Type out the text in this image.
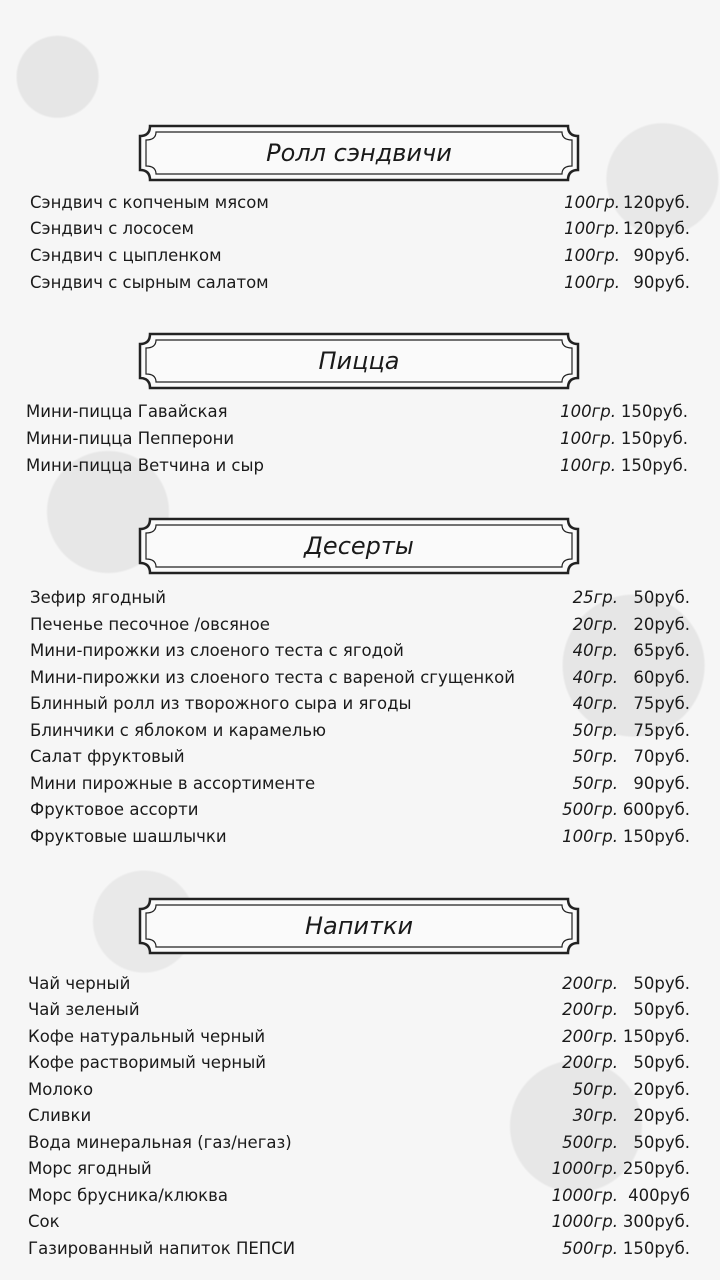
Ролл сэндвичи
Сэндвич с копченым мясом	100гр. 120руб.
Сэндвич с лососем	100гр. 120руб.
Сэндвич с цыпленком	100гр. 90руб.
Сэндвич с сырным салатом	100гр. 90руб.
Пицца
Мини-пицца Гавайская	100гр. 150руб.
Мини-пицца Пепперони	100гр. 150руб.
Мини-пицца Ветчина и сыр	100гр. 150руб.
Десерты
Зефир ягодный	25гр. 50руб.
Печенье песочное /овсяное	20гр. 20руб.
Мини-пирожки из слоеного теста с ягодой	40гр. 65руб.
Мини-пирожки из слоеного теста с вареной сгущенкой	40гр. 60руб.
Блинный ролл из творожного сыра и ягоды	40гр. 75руб.
Блинчики с яблоком и карамелью	50гр. 75руб.
Салат фруктовый	50гр. 70руб.
Мини пирожные в ассортименте	50гр. 90руб.
Фруктовое ассорти	500гр. 600руб.
Фруктовые шашлычки	100гр. 150руб.
Напитки
Чай черный	200гр. 50руб.
Чай зеленый	200гр. 50руб.
Кофе натуральный черный	200гр. 150руб.
Кофе растворимый черный	200гр. 50руб.
Молоко	50гр. 20руб.
Сливки	30гр. 20руб.
Вода минеральная (газ/негаз)	500гр. 50руб.
Морс ягодный	1000гр. 250руб.
Морс брусника/клюква	1000гр. 400руб
Сок	1000гр. 300руб.
Газированный напиток ПЕПСИ	500гр. 150руб.
